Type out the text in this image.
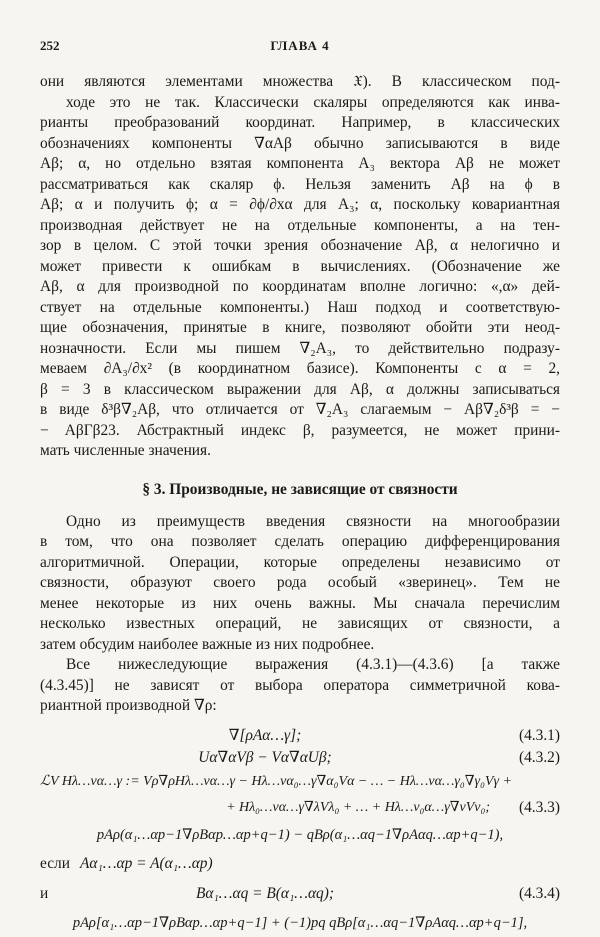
252	ГЛАВА 4
они являются элементами множества 𝔛). В классическом под-
ходе это не так. Классически скаляры определяются как инва-
рианты преобразований координат. Например, в классических
обозначениях компоненты ∇αAβ обычно записываются в виде
Aβ; α, но отдельно взятая компонента A₃ вектора Aβ не может
рассматриваться как скаляр ϕ. Нельзя заменить Aβ на ϕ в
Aβ; α и получить ϕ; α = ∂ϕ/∂xα для A₃; α, поскольку ковариантная
производная действует не на отдельные компоненты, а на тен-
зор в целом. С этой точки зрения обозначение Aβ, α нелогично и
может привести к ошибкам в вычислениях. (Обозначение же
Aβ, α для производной по координатам вполне логично: «,α» дей-
ствует на отдельные компоненты.) Наш подход и соответствую-
щие обозначения, принятые в книге, позволяют обойти эти неод-
нозначности. Если мы пишем ∇₂A₃, то действительно подразу-
меваем ∂A₃/∂x² (в координатном базисе). Компоненты с α = 2,
β = 3 в классическом выражении для Aβ, α должны записываться
в виде δ³β∇₂Aβ, что отличается от ∇₂A₃ слагаемым − Aβ∇₂δ³β = −
− AβΓβ23. Абстрактный индекс β, разумеется, не может прини-
мать численные значения.
§ 3. Производные, не зависящие от связности
Одно из преимуществ введения связности на многообразии
в том, что она позволяет сделать операцию дифференцирования
алгоритмичной. Операции, которые определены независимо от
связности, образуют своего рода особый «зверинец». Тем не
менее некоторые из них очень важны. Мы сначала перечислим
несколько известных операций, не зависящих от связности, а
затем обсудим наиболее важные из них подробнее.
Все нижеследующие выражения (4.3.1)—(4.3.6) [а также
(4.3.45)] не зависят от выбора оператора симметричной кова-
риантной производной ∇ρ:
∇[ρAα…γ];	(4.3.1)
Uα∇αVβ − Vα∇αUβ;	(4.3.2)
ℒV Hλ…να…γ := Vρ∇ρHλ…να…γ − Hλ…να₀…γ∇α₀Vα − … − Hλ…να…γ₀∇γ₀Vγ +
+ Hλ₀…να…γ∇λVλ₀ + … + Hλ…ν₀α…γ∇νVν₀; (4.3.3)
pAρ(α₁…αp−1∇ρBαp…αp+q−1) − qBρ(α₁…αq−1∇ρAαq…αp+q−1),
если Aα₁…αp = A(α₁…αp)
и	Bα₁…αq = B(α₁…αq);	(4.3.4)
pAρ[α₁…αp−1∇ρBαp…αp+q−1] + (−1)pq qBρ[α₁…αq−1∇ρAαq…αp+q−1],
